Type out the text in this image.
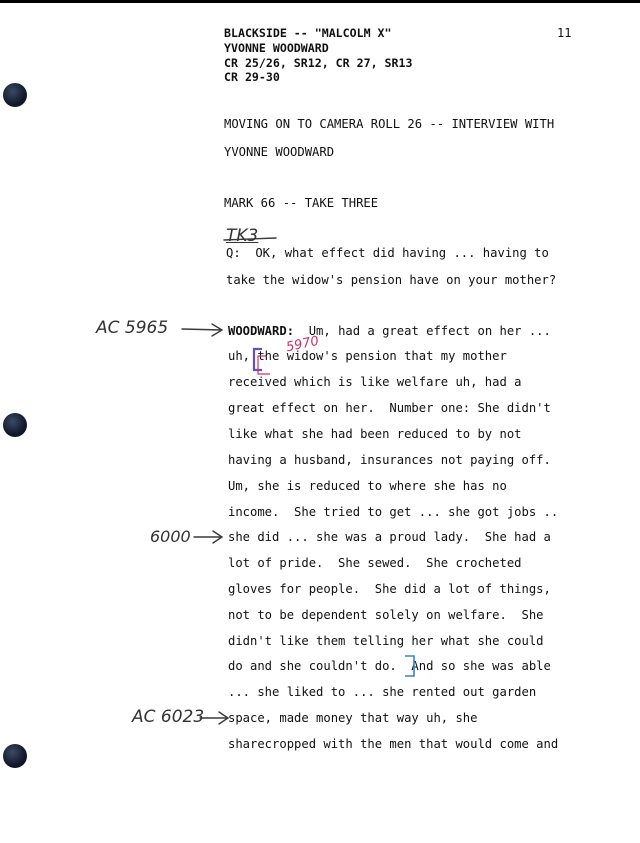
11
BLACKSIDE -- "MALCOLM X"
YVONNE WOODWARD
CR 25/26, SR12, CR 27, SR13
CR 29-30
MOVING ON TO CAMERA ROLL 26 -- INTERVIEW WITH
YVONNE WOODWARD
MARK 66 -- TAKE THREE
Q:  OK, what effect did having ... having to
take the widow's pension have on your mother?
WOODWARD:  Um, had a great effect on her ...
uh, the widow's pension that my mother
received which is like welfare uh, had a
great effect on her.  Number one: She didn't
like what she had been reduced to by not
having a husband, insurances not paying off.
Um, she is reduced to where she has no
income.  She tried to get ... she got jobs ..
she did ... she was a proud lady.  She had a
lot of pride.  She sewed.  She crocheted
gloves for people.  She did a lot of things,
not to be dependent solely on welfare.  She
didn't like them telling her what she could
do and she couldn't do.  And so she was able
... she liked to ... she rented out garden
space, made money that way uh, she
sharecropped with the men that would come and
TK3
AC 5965
5970
6000
AC 6023
